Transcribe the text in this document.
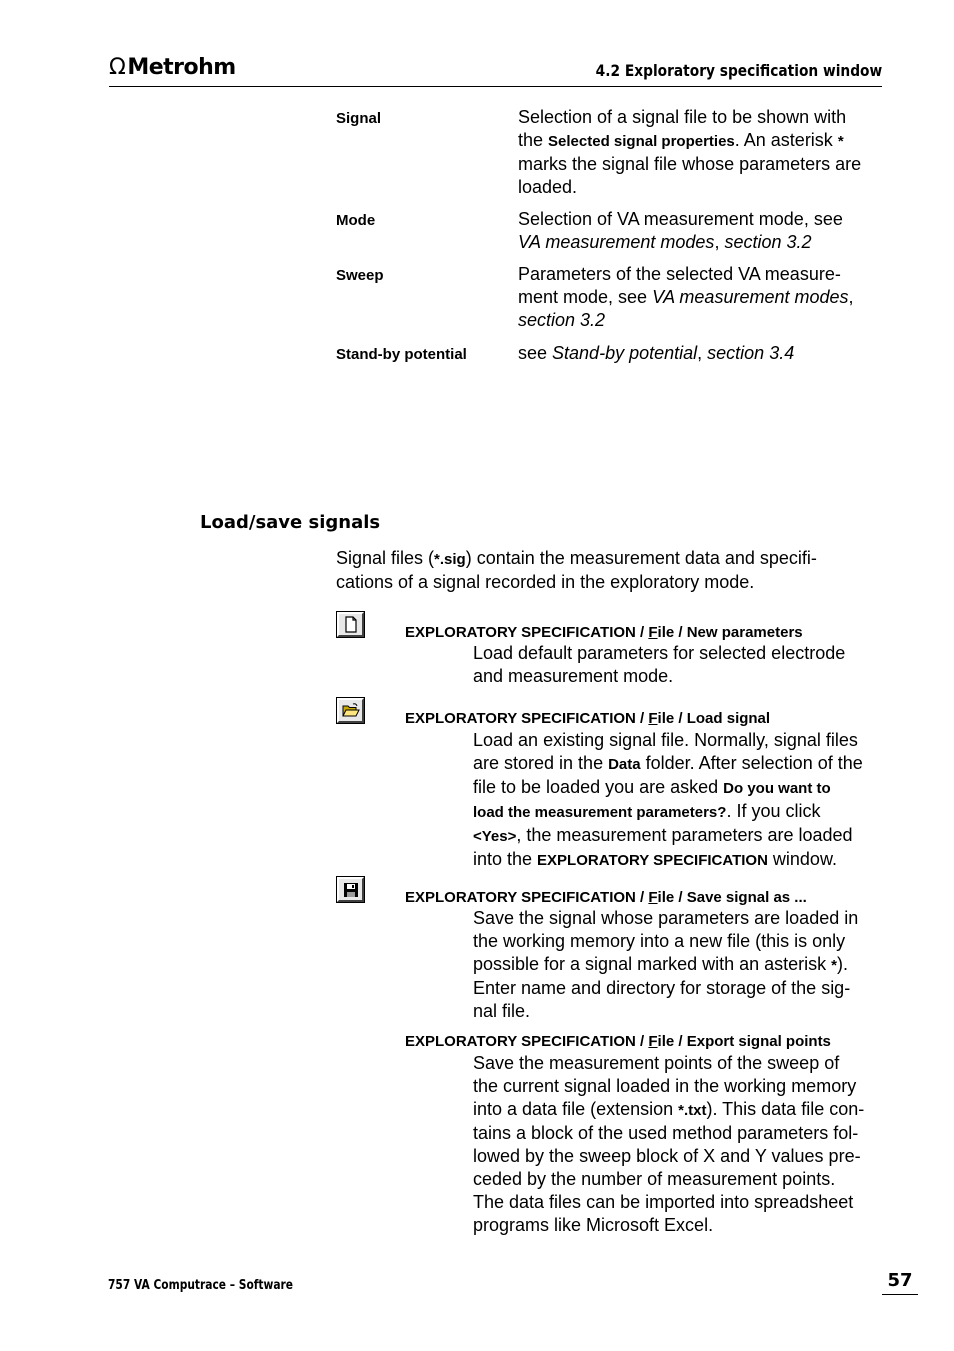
ΩMetrohm	4.2 Exploratory specification window
Signal	Selection of a signal file to be shown with
the Selected signal properties. An asterisk *
marks the signal file whose parameters are
loaded.
Mode	Selection of VA measurement mode, see
VA measurement modes, section 3.2
Sweep	Parameters of the selected VA measure-
ment mode, see VA measurement modes,
section 3.2
Stand-by potential	see Stand-by potential, section 3.4
Load/save signals
Signal files (*.sig) contain the measurement data and specifi-
cations of a signal recorded in the exploratory mode.
EXPLORATORY SPECIFICATION / File / New parameters
Load default parameters for selected electrode
and measurement mode.
EXPLORATORY SPECIFICATION / File / Load signal
Load an existing signal file. Normally, signal files
are stored in the Data folder. After selection of the
file to be loaded you are asked Do you want to
load the measurement parameters?. If you click
<Yes>, the measurement parameters are loaded
into the EXPLORATORY SPECIFICATION window.
EXPLORATORY SPECIFICATION / File / Save signal as ...
Save the signal whose parameters are loaded in
the working memory into a new file (this is only
possible for a signal marked with an asterisk *).
Enter name and directory for storage of the sig-
nal file.
EXPLORATORY SPECIFICATION / File / Export signal points
Save the measurement points of the sweep of
the current signal loaded in the working memory
into a data file (extension *.txt). This data file con-
tains a block of the used method parameters fol-
lowed by the sweep block of X and Y values pre-
ceded by the number of measurement points.
The data files can be imported into spreadsheet
programs like Microsoft Excel.
757 VA Computrace – Software	57
